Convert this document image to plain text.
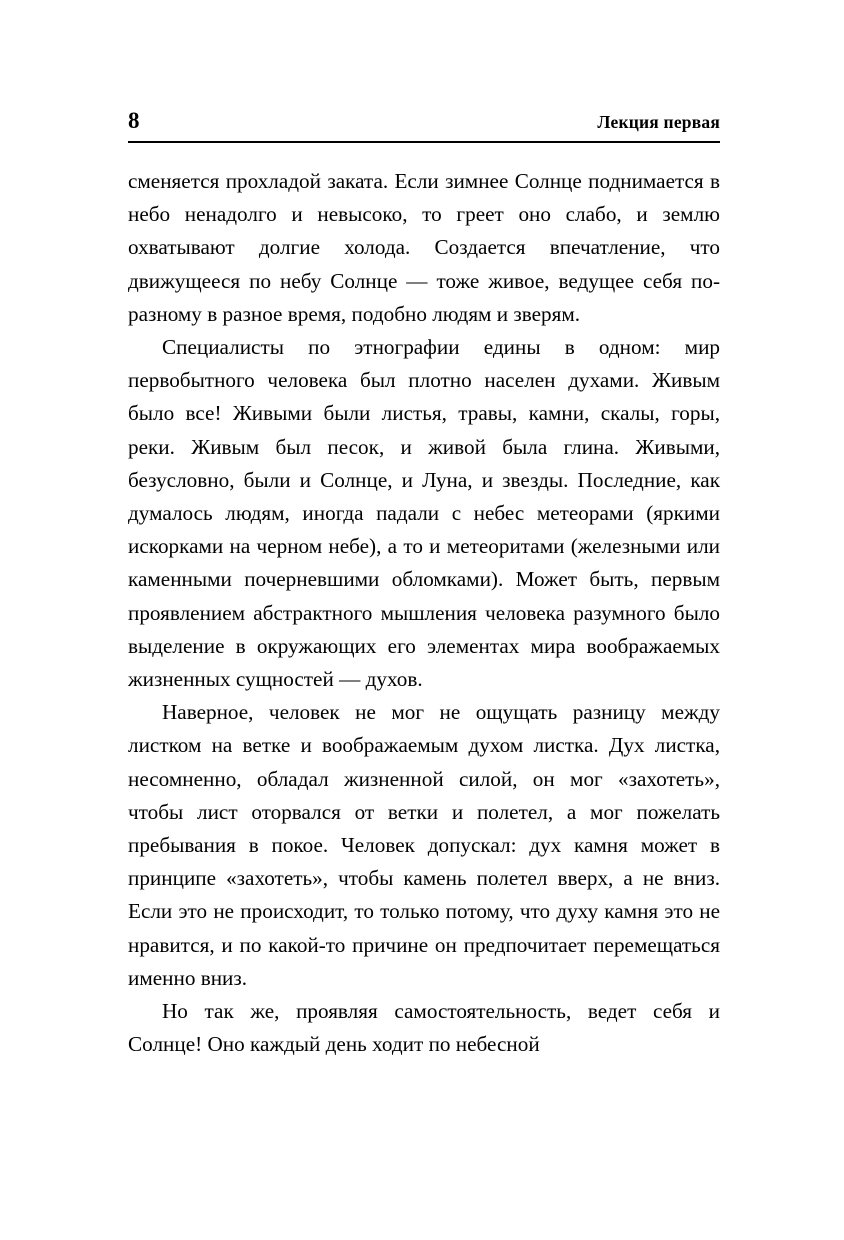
8	Лекция первая

сменяется прохладой заката. Если зимнее Солнце поднимается в небо ненадолго и невысоко, то греет оно слабо, и землю охватывают долгие холода. Создается впечатление, что движущееся по небу Солнце — тоже живое, ведущее себя по-разному в разное время, подобно людям и зверям.

Специалисты по этнографии едины в одном: мир первобытного человека был плотно населен духами. Живым было все! Живыми были листья, травы, камни, скалы, горы, реки. Живым был песок, и живой была глина. Живыми, безусловно, были и Солнце, и Луна, и звезды. Последние, как думалось людям, иногда падали с небес метеорами (яркими искорками на черном небе), а то и метеоритами (железными или каменными почерневшими обломками). Может быть, первым проявлением абстрактного мышления человека разумного было выделение в окружающих его элементах мира воображаемых жизненных сущностей — духов.

Наверное, человек не мог не ощущать разницу между листком на ветке и воображаемым духом листка. Дух листка, несомненно, обладал жизненной силой, он мог «захотеть», чтобы лист оторвался от ветки и полетел, а мог пожелать пребывания в покое. Человек допускал: дух камня может в принципе «захотеть», чтобы камень полетел вверх, а не вниз. Если это не происходит, то только потому, что духу камня это не нравится, и по какой-то причине он предпочитает перемещаться именно вниз.

Но так же, проявляя самостоятельность, ведет себя и Солнце! Оно каждый день ходит по небесной
